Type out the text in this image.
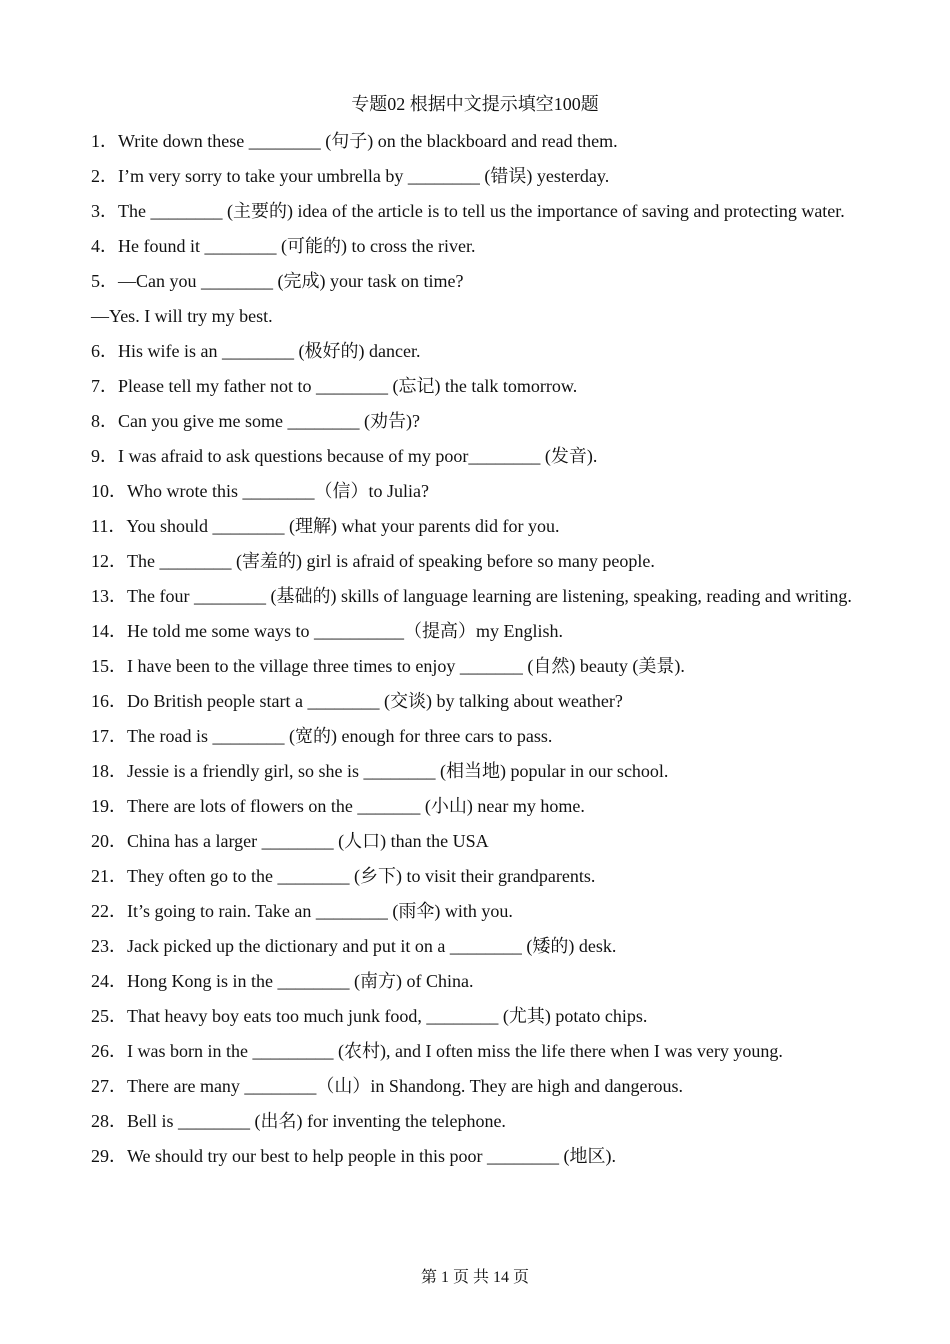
专题02 根据中文提示填空100题
1．Write down these ________ (句子) on the blackboard and read them.
2．I’m very sorry to take your umbrella by ________ (错误) yesterday.
3．The ________ (主要的) idea of the article is to tell us the importance of saving and protecting water.
4．He found it ________ (可能的) to cross the river.
5．—Can you ________ (完成) your task on time?
—Yes. I will try my best.
6．His wife is an ________ (极好的) dancer.
7．Please tell my father not to ________ (忘记) the talk tomorrow.
8．Can you give me some ________ (劝告)?
9．I was afraid to ask questions because of my poor________ (发音).
10．Who wrote this ________（信）to Julia?
11．You should ________ (理解) what your parents did for you.
12．The ________ (害羞的) girl is afraid of speaking before so many people.
13．The four ________ (基础的) skills of language learning are listening, speaking, reading and writing.
14．He told me some ways to __________（提高）my English.
15．I have been to the village three times to enjoy _______ (自然) beauty (美景).
16．Do British people start a ________ (交谈) by talking about weather?
17．The road is ________ (宽的) enough for three cars to pass.
18．Jessie is a friendly girl, so she is ________ (相当地) popular in our school.
19．There are lots of flowers on the _______ (小山) near my home.
20．China has a larger ________ (人口) than the USA
21．They often go to the ________ (乡下) to visit their grandparents.
22．It’s going to rain. Take an ________ (雨伞) with you.
23．Jack picked up the dictionary and put it on a ________ (矮的) desk.
24．Hong Kong is in the ________ (南方) of China.
25．That heavy boy eats too much junk food, ________ (尤其) potato chips.
26．I was born in the _________ (农村), and I often miss the life there when I was very young.
27．There are many ________（山）in Shandong. They are high and dangerous.
28．Bell is ________ (出名) for inventing the telephone.
29．We should try our best to help people in this poor ________ (地区).
第 1 页 共 14 页
